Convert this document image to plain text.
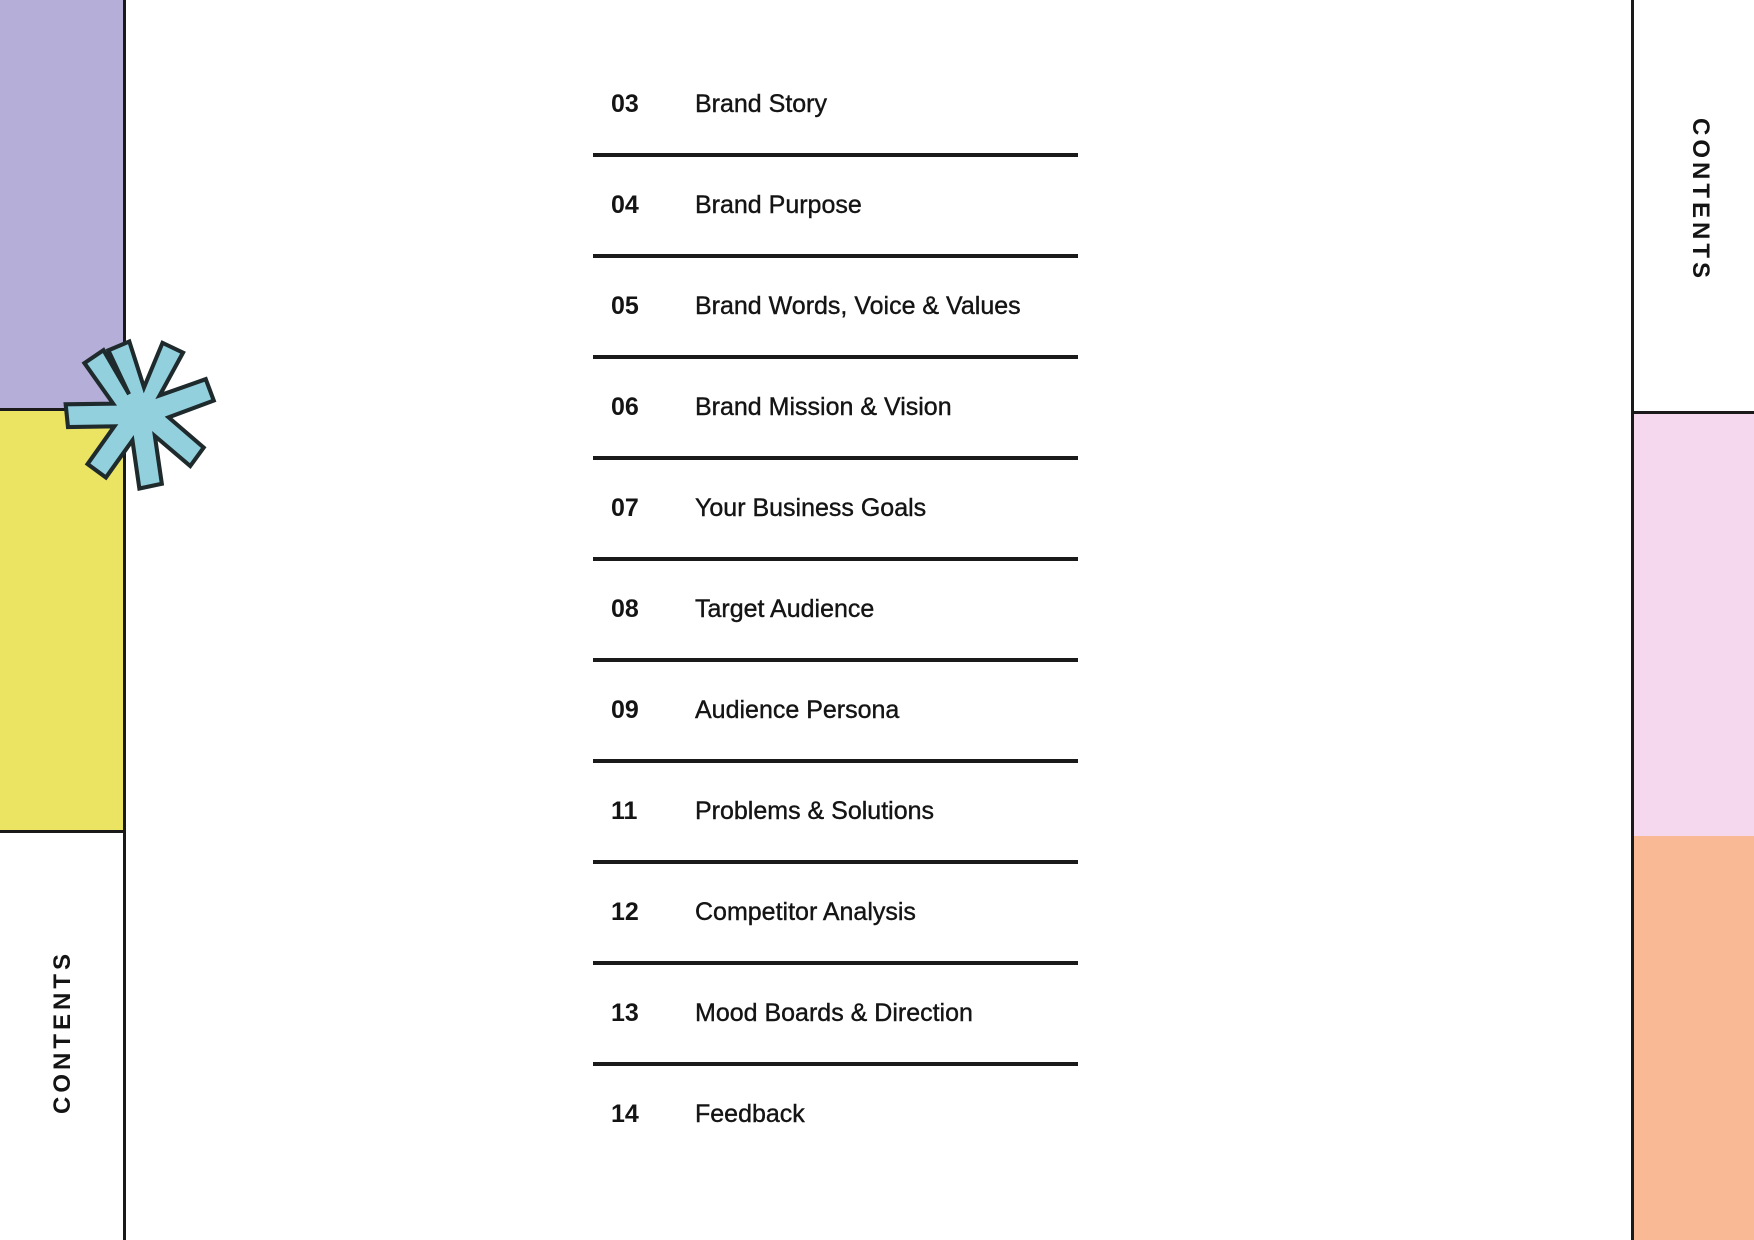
CONTENTS
CONTENTS
03	Brand Story
04	Brand Purpose
05	Brand Words, Voice & Values
06	Brand Mission & Vision
07	Your Business Goals
08	Target Audience
09	Audience Persona
11	Problems & Solutions
12	Competitor Analysis
13	Mood Boards & Direction
14	Feedback
